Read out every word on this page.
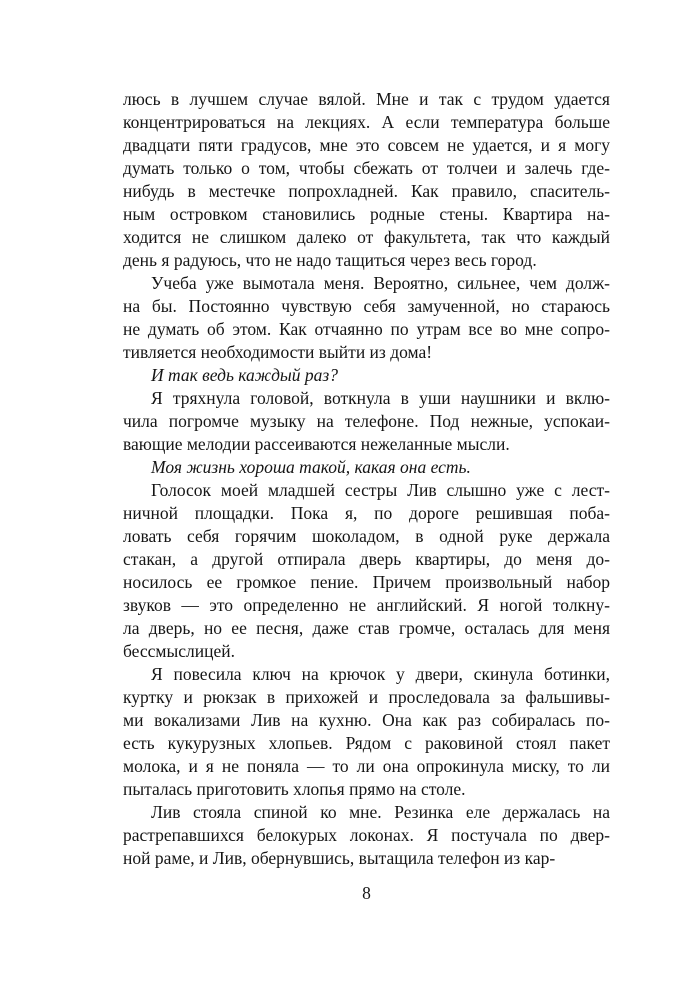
люсь в лучшем случае вялой. Мне и так с трудом удается
концентрироваться на лекциях. А если температура больше
двадцати пяти градусов, мне это совсем не удается, и я могу
думать только о том, чтобы сбежать от толчеи и залечь где-
нибудь в местечке попрохладней. Как правило, спаситель-
ным островком становились родные стены. Квартира на-
ходится не слишком далеко от факультета, так что каждый
день я радуюсь, что не надо тащиться через весь город.
Учеба уже вымотала меня. Вероятно, сильнее, чем долж-
на бы. Постоянно чувствую себя замученной, но стараюсь
не думать об этом. Как отчаянно по утрам все во мне сопро-
тивляется необходимости выйти из дома!
И так ведь каждый раз?
Я тряхнула головой, воткнула в уши наушники и вклю-
чила погромче музыку на телефоне. Под нежные, успокаи-
вающие мелодии рассеиваются нежеланные мысли.
Моя жизнь хороша такой, какая она есть.
Голосок моей младшей сестры Лив слышно уже с лест-
ничной площадки. Пока я, по дороге решившая поба-
ловать себя горячим шоколадом, в одной руке держала
стакан, а другой отпирала дверь квартиры, до меня до-
носилось ее громкое пение. Причем произвольный набор
звуков — это определенно не английский. Я ногой толкну-
ла дверь, но ее песня, даже став громче, осталась для меня
бессмыслицей.
Я повесила ключ на крючок у двери, скинула ботинки,
куртку и рюкзак в прихожей и проследовала за фальшивы-
ми вокализами Лив на кухню. Она как раз собиралась по-
есть кукурузных хлопьев. Рядом с раковиной стоял пакет
молока, и я не поняла — то ли она опрокинула миску, то ли
пыталась приготовить хлопья прямо на столе.
Лив стояла спиной ко мне. Резинка еле держалась на
растрепавшихся белокурых локонах. Я постучала по двер-
ной раме, и Лив, обернувшись, вытащила телефон из кар-
8
